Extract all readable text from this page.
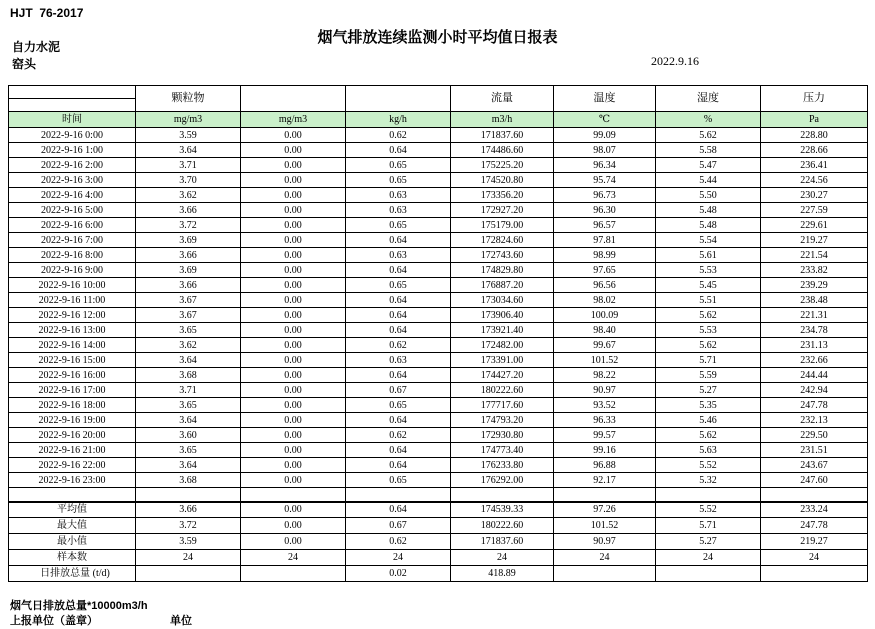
HJT  76-2017
烟气排放连续监测小时平均值日报表
自力水泥
窑头	2022.9.16
	颗粒物			流量	温度	湿度	压力
时间	mg/m3	mg/m3	kg/h	m3/h	℃	%	Pa
2022-9-16 0:00	3.59	0.00	0.62	171837.60	99.09	5.62	228.80
2022-9-16 1:00	3.64	0.00	0.64	174486.60	98.07	5.58	228.66
2022-9-16 2:00	3.71	0.00	0.65	175225.20	96.34	5.47	236.41
2022-9-16 3:00	3.70	0.00	0.65	174520.80	95.74	5.44	224.56
2022-9-16 4:00	3.62	0.00	0.63	173356.20	96.73	5.50	230.27
2022-9-16 5:00	3.66	0.00	0.63	172927.20	96.30	5.48	227.59
2022-9-16 6:00	3.72	0.00	0.65	175179.00	96.57	5.48	229.61
2022-9-16 7:00	3.69	0.00	0.64	172824.60	97.81	5.54	219.27
2022-9-16 8:00	3.66	0.00	0.63	172743.60	98.99	5.61	221.54
2022-9-16 9:00	3.69	0.00	0.64	174829.80	97.65	5.53	233.82
2022-9-16 10:00	3.66	0.00	0.65	176887.20	96.56	5.45	239.29
2022-9-16 11:00	3.67	0.00	0.64	173034.60	98.02	5.51	238.48
2022-9-16 12:00	3.67	0.00	0.64	173906.40	100.09	5.62	221.31
2022-9-16 13:00	3.65	0.00	0.64	173921.40	98.40	5.53	234.78
2022-9-16 14:00	3.62	0.00	0.62	172482.00	99.67	5.62	231.13
2022-9-16 15:00	3.64	0.00	0.63	173391.00	101.52	5.71	232.66
2022-9-16 16:00	3.68	0.00	0.64	174427.20	98.22	5.59	244.44
2022-9-16 17:00	3.71	0.00	0.67	180222.60	90.97	5.27	242.94
2022-9-16 18:00	3.65	0.00	0.65	177717.60	93.52	5.35	247.78
2022-9-16 19:00	3.64	0.00	0.64	174793.20	96.33	5.46	232.13
2022-9-16 20:00	3.60	0.00	0.62	172930.80	99.57	5.62	229.50
2022-9-16 21:00	3.65	0.00	0.64	174773.40	99.16	5.63	231.51
2022-9-16 22:00	3.64	0.00	0.64	176233.80	96.88	5.52	243.67
2022-9-16 23:00	3.68	0.00	0.65	176292.00	92.17	5.32	247.60

平均值	3.66	0.00	0.64	174539.33	97.26	5.52	233.24
最大值	3.72	0.00	0.67	180222.60	101.52	5.71	247.78
最小值	3.59	0.00	0.62	171837.60	90.97	5.27	219.27
样本数	24	24	24	24	24	24	24
日排放总量 (t/d)			0.02	418.89			
烟气日排放总量*10000m3/h
上报单位（盖章）	单位
